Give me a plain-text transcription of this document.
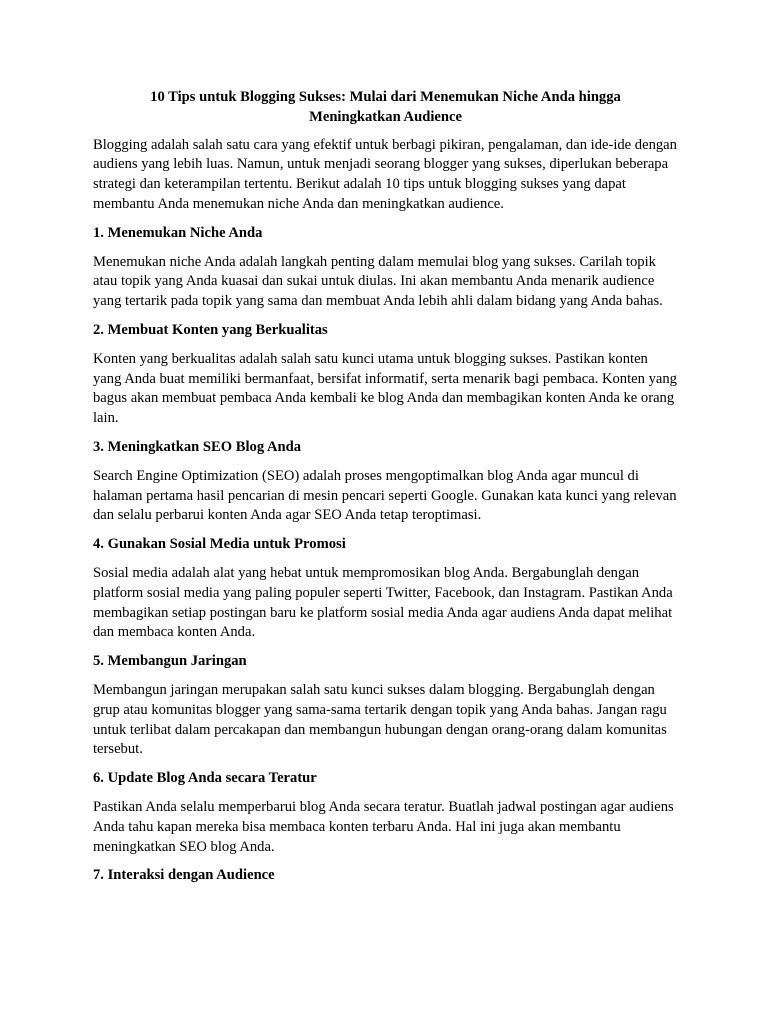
10 Tips untuk Blogging Sukses: Mulai dari Menemukan Niche Anda hingga Meningkatkan Audience

Blogging adalah salah satu cara yang efektif untuk berbagi pikiran, pengalaman, dan ide-ide dengan audiens yang lebih luas. Namun, untuk menjadi seorang blogger yang sukses, diperlukan beberapa strategi dan keterampilan tertentu. Berikut adalah 10 tips untuk blogging sukses yang dapat membantu Anda menemukan niche Anda dan meningkatkan audience.

1. Menemukan Niche Anda

Menemukan niche Anda adalah langkah penting dalam memulai blog yang sukses. Carilah topik atau topik yang Anda kuasai dan sukai untuk diulas. Ini akan membantu Anda menarik audience yang tertarik pada topik yang sama dan membuat Anda lebih ahli dalam bidang yang Anda bahas.

2. Membuat Konten yang Berkualitas

Konten yang berkualitas adalah salah satu kunci utama untuk blogging sukses. Pastikan konten yang Anda buat memiliki bermanfaat, bersifat informatif, serta menarik bagi pembaca. Konten yang bagus akan membuat pembaca Anda kembali ke blog Anda dan membagikan konten Anda ke orang lain.

3. Meningkatkan SEO Blog Anda

Search Engine Optimization (SEO) adalah proses mengoptimalkan blog Anda agar muncul di halaman pertama hasil pencarian di mesin pencari seperti Google. Gunakan kata kunci yang relevan dan selalu perbarui konten Anda agar SEO Anda tetap teroptimasi.

4. Gunakan Sosial Media untuk Promosi

Sosial media adalah alat yang hebat untuk mempromosikan blog Anda. Bergabunglah dengan platform sosial media yang paling populer seperti Twitter, Facebook, dan Instagram. Pastikan Anda membagikan setiap postingan baru ke platform sosial media Anda agar audiens Anda dapat melihat dan membaca konten Anda.

5. Membangun Jaringan

Membangun jaringan merupakan salah satu kunci sukses dalam blogging. Bergabunglah dengan grup atau komunitas blogger yang sama-sama tertarik dengan topik yang Anda bahas. Jangan ragu untuk terlibat dalam percakapan dan membangun hubungan dengan orang-orang dalam komunitas tersebut.

6. Update Blog Anda secara Teratur

Pastikan Anda selalu memperbarui blog Anda secara teratur. Buatlah jadwal postingan agar audiens Anda tahu kapan mereka bisa membaca konten terbaru Anda. Hal ini juga akan membantu meningkatkan SEO blog Anda.

7. Interaksi dengan Audience
